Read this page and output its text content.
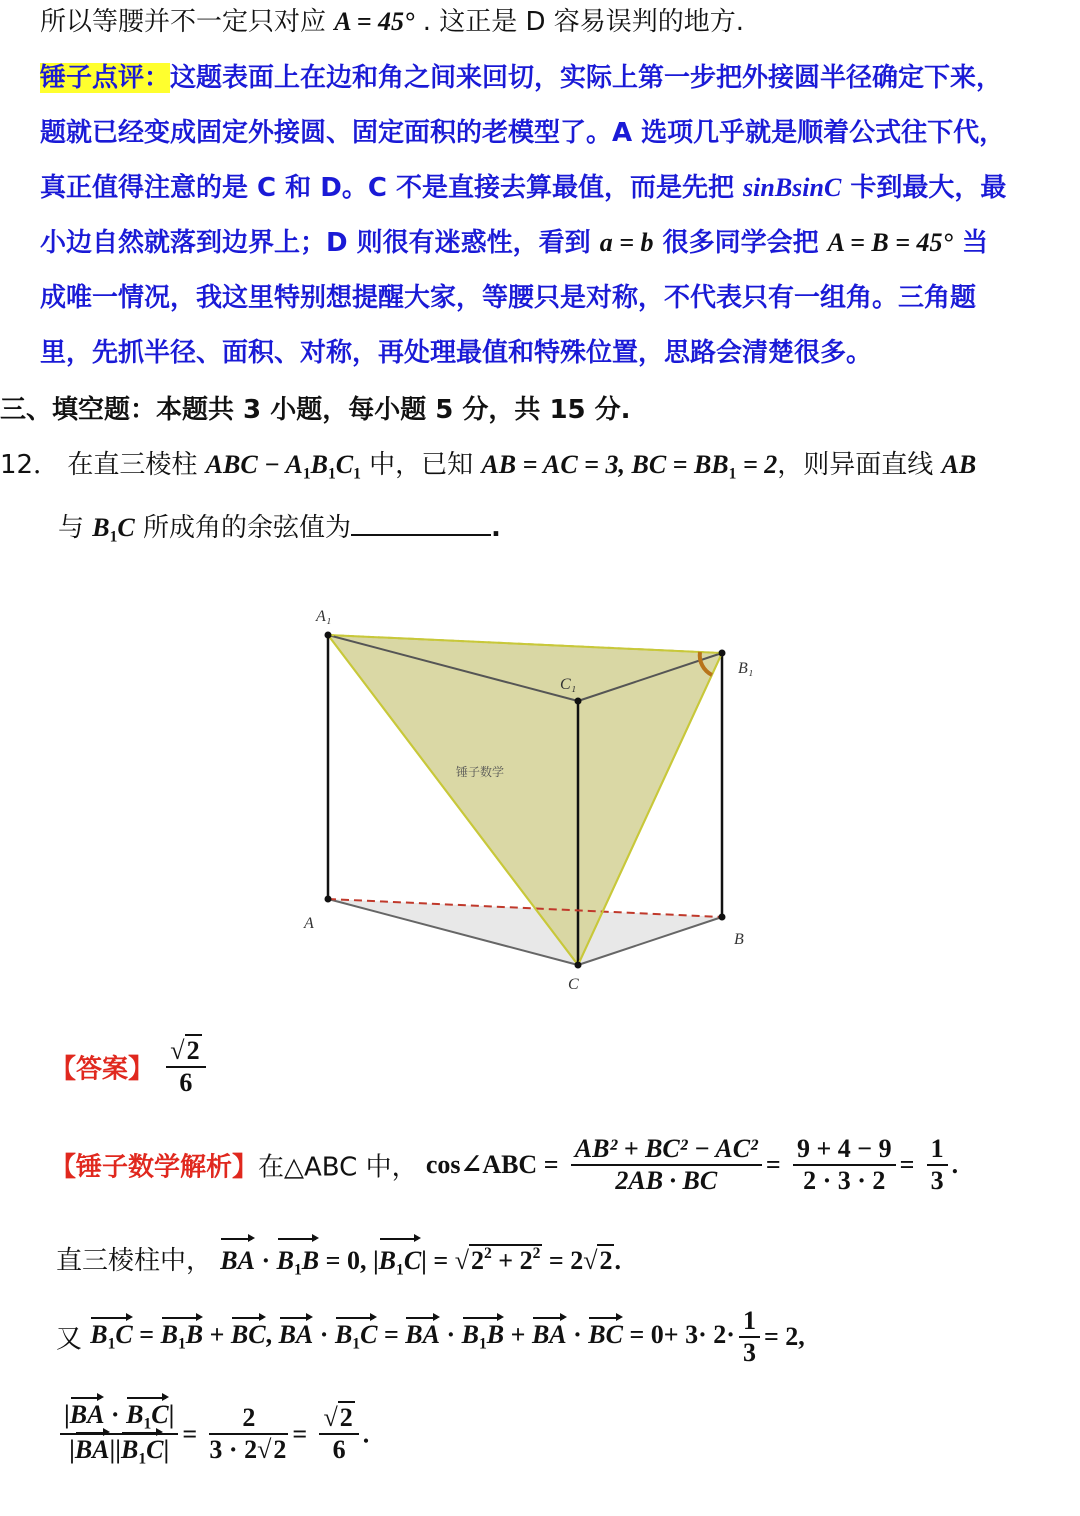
所以等腰并不一定只对应 A = 45° . 这正是 D 容易误判的地方.
锤子点评：这题表面上在边和角之间来回切，实际上第一步把外接圆半径确定下来，
题就已经变成固定外接圆、固定面积的老模型了。A 选项几乎就是顺着公式往下代，
真正值得注意的是 C 和 D。C 不是直接去算最值，而是先把 sinBsinC 卡到最大，最
小边自然就落到边界上；D 则很有迷惑性，看到 a = b 很多同学会把 A = B = 45° 当
成唯一情况，我这里特别想提醒大家，等腰只是对称，不代表只有一组角。三角题
里，先抓半径、面积、对称，再处理最值和特殊位置，思路会清楚很多。
三、填空题：本题共 3 小题，每小题 5 分，共 15 分.
12． 在直三棱柱 ABC − $A_1B_1C_1$ 中，已知 AB = AC = 3, BC = $BB_1 = 2$，则异面直线 AB
与 $B_1C$ 所成角的余弦值为	.
A₁
B₁
C₁
A
B
C
锤子数学
【答案】 $\frac{√2}{6}$
【锤子数学解析】在△ABC 中， cos∠ABC = $\frac{\text{AB² + BC² − AC²}}{2AB \cdot BC} = \frac{9 + 4 - 9}{2 \cdot 3 \cdot 2} = \frac{1}{3}$ .
直三棱柱中， BA · $B_1B = 0$, $|B_1C| = √2^2 + 2^2 = 2√2$.
又 $B_1C = B_1B$ + BC, BA · $B_1C$ = BA · $B_1B$ + BA · BC = $0+ 3\cdot 2\cdot \frac{1}{3} = 2$,
$\frac{|BA \cdot B_1C|}{|BA||B_1C|} = \frac{2}{3 \cdot 2√2} = \frac{√2}{6}$ .
